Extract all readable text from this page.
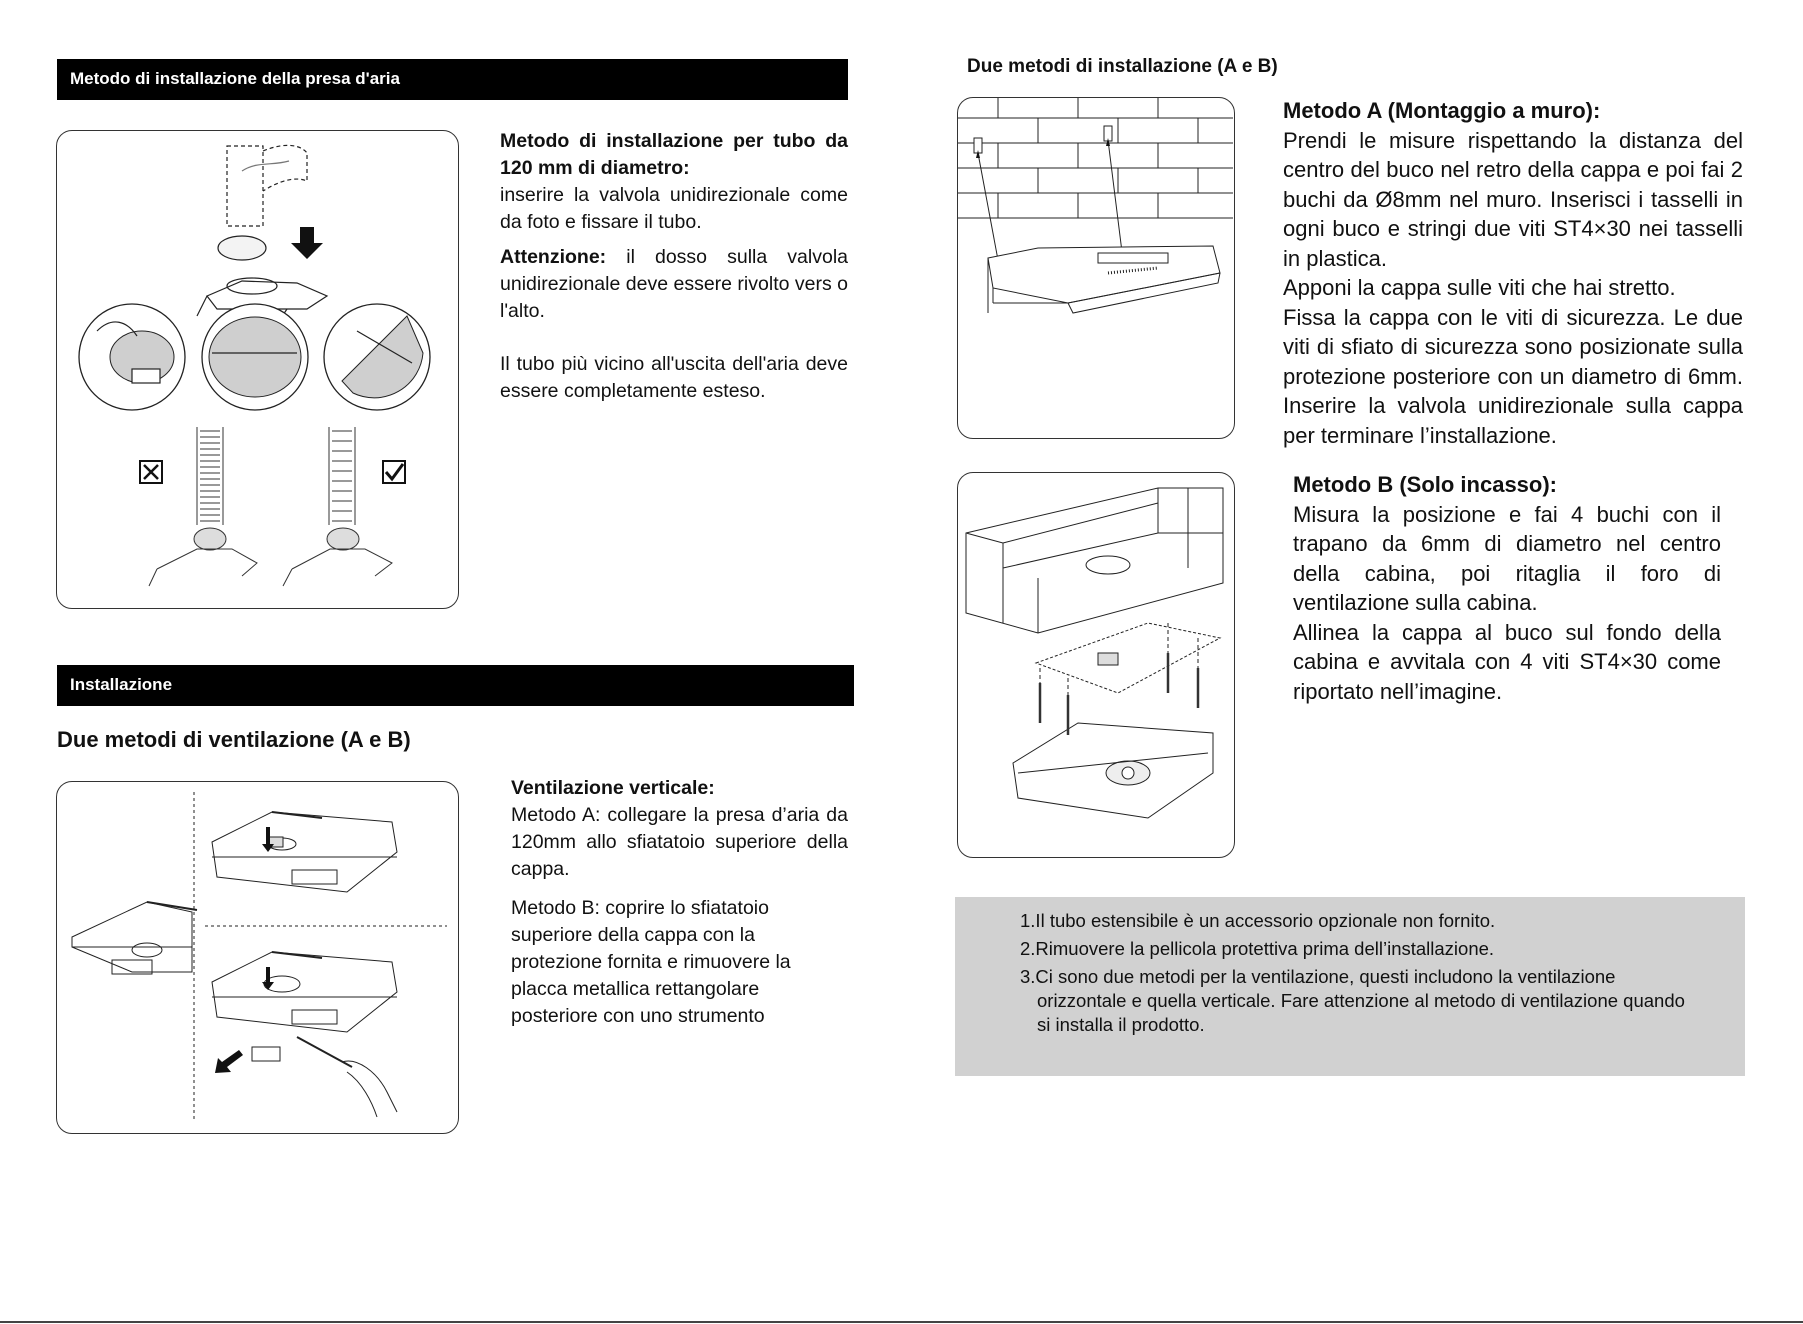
Metodo di installazione della presa d'aria

Metodo di installazione per tubo da 120 mm di diametro:

inserire la valvola unidirezionale come da foto e fissare il tubo.

Attenzione: il dosso sulla valvola unidirezionale deve essere rivolto vers o l'alto.

Il tubo più vicino all'uscita dell'aria deve essere completamente esteso.

Installazione
Due metodi di ventilazione (A e B)

Ventilazione verticale:

Metodo A: collegare la presa d’aria da 120mm allo sfiatatoio superiore della cappa.

Metodo B: coprire lo sfiatatoio superiore della cappa con la protezione fornita e rimuovere la placca metallica rettangolare posteriore con uno strumento

Due metodi di installazione (A e B)

Metodo A (Montaggio a muro):

Prendi le misure rispettando la distanza del centro del buco nel retro della cappa e poi fai 2 buchi da Ø8mm nel muro. Inserisci i tasselli in ogni buco e stringi due viti ST4×30 nei tasselli in plastica.

Apponi la cappa sulle viti che hai stretto.

Fissa la cappa con le viti di sicurezza. Le due viti di sfiato di sicurezza sono posizionate sulla protezione posteriore con un diametro di 6mm. Inserire la valvola unidirezionale sulla cappa per terminare l’installazione.

Metodo B (Solo incasso):

Misura la posizione e fai 4 buchi con il trapano da 6mm di diametro nel centro della cabina, poi ritaglia il foro di ventilazione sulla cabina.

Allinea la cappa al buco sul fondo della cabina e avvitala con 4 viti ST4×30 come riportato nell’imagine.

1.Il tubo estensibile è un accessorio opzionale non fornito.
2.Rimuovere la pellicola protettiva prima dell’installazione.
3.Ci sono due metodi per la ventilazione, questi includono la ventilazione
orizzontale e quella verticale. Fare attenzione al metodo di ventilazione quando
si installa il prodotto.
